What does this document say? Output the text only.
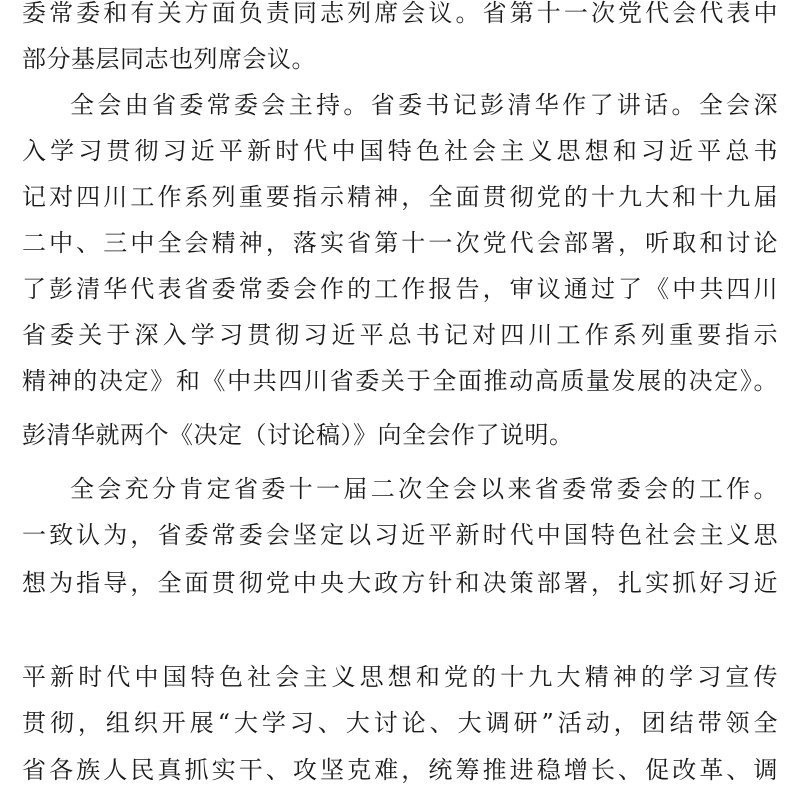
委常委和有关方面负责同志列席会议。省第十一次党代会代表中
部分基层同志也列席会议。
全会由省委常委会主持。省委书记彭清华作了讲话。全会深
入学习贯彻习近平新时代中国特色社会主义思想和习近平总书
记对四川工作系列重要指示精神，全面贯彻党的十九大和十九届
二中、三中全会精神，落实省第十一次党代会部署，听取和讨论
了彭清华代表省委常委会作的工作报告，审议通过了《中共四川
省委关于深入学习贯彻习近平总书记对四川工作系列重要指示
精神的决定》和《中共四川省委关于全面推动高质量发展的决定》。
彭清华就两个《决定（讨论稿）》向全会作了说明。
全会充分肯定省委十一届二次全会以来省委常委会的工作。
一致认为，省委常委会坚定以习近平新时代中国特色社会主义思
想为指导，全面贯彻党中央大政方针和决策部署，扎实抓好习近
平新时代中国特色社会主义思想和党的十九大精神的学习宣传
贯彻，组织开展“大学习、大讨论、大调研”活动，团结带领全
省各族人民真抓实干、攻坚克难，统筹推进稳增长、促改革、调
